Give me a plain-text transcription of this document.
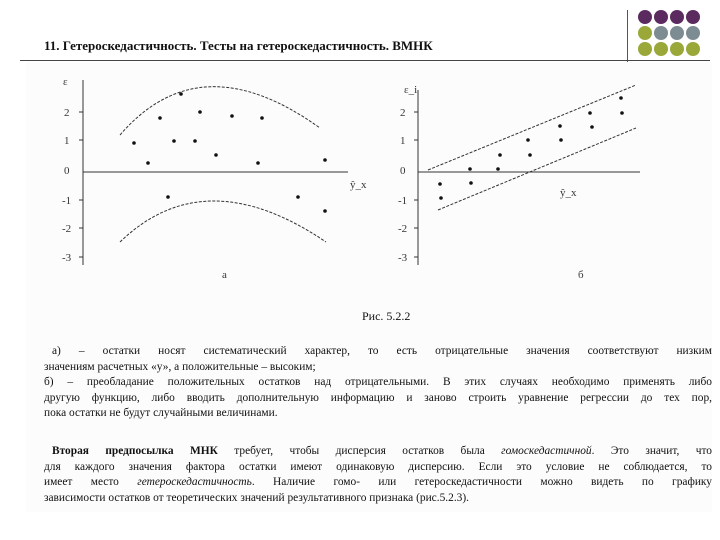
11. Гетероскедастичность. Тесты на гетероскедастичность. ВМНК
ε
ŷ_x
a
2
1
0
-1
-2
-3
ε_i
ŷ_x
б
2
1
0
-1
-2
-3
Рис. 5.2.2
а) – остатки носят систематический характер, то есть отрицательные значения соответствуют низким
значениям расчетных «у», а положительные – высоким;
б) – преобладание положительных остатков над отрицательными. В этих случаях необходимо применять либо
другую функцию, либо вводить дополнительную информацию и заново строить уравнение регрессии до тех пор,
пока остатки не будут случайными величинами.
Вторая предпосылка МНК требует, чтобы дисперсия остатков была гомоскедастичной. Это значит, что
для каждого значения фактора остатки имеют одинаковую дисперсию. Если это условие не соблюдается, то
имеет место гетероскедастичность. Наличие гомо- или гетероскедастичности можно видеть по графику
зависимости остатков от теоретических значений результативного признака (рис.5.2.3).
